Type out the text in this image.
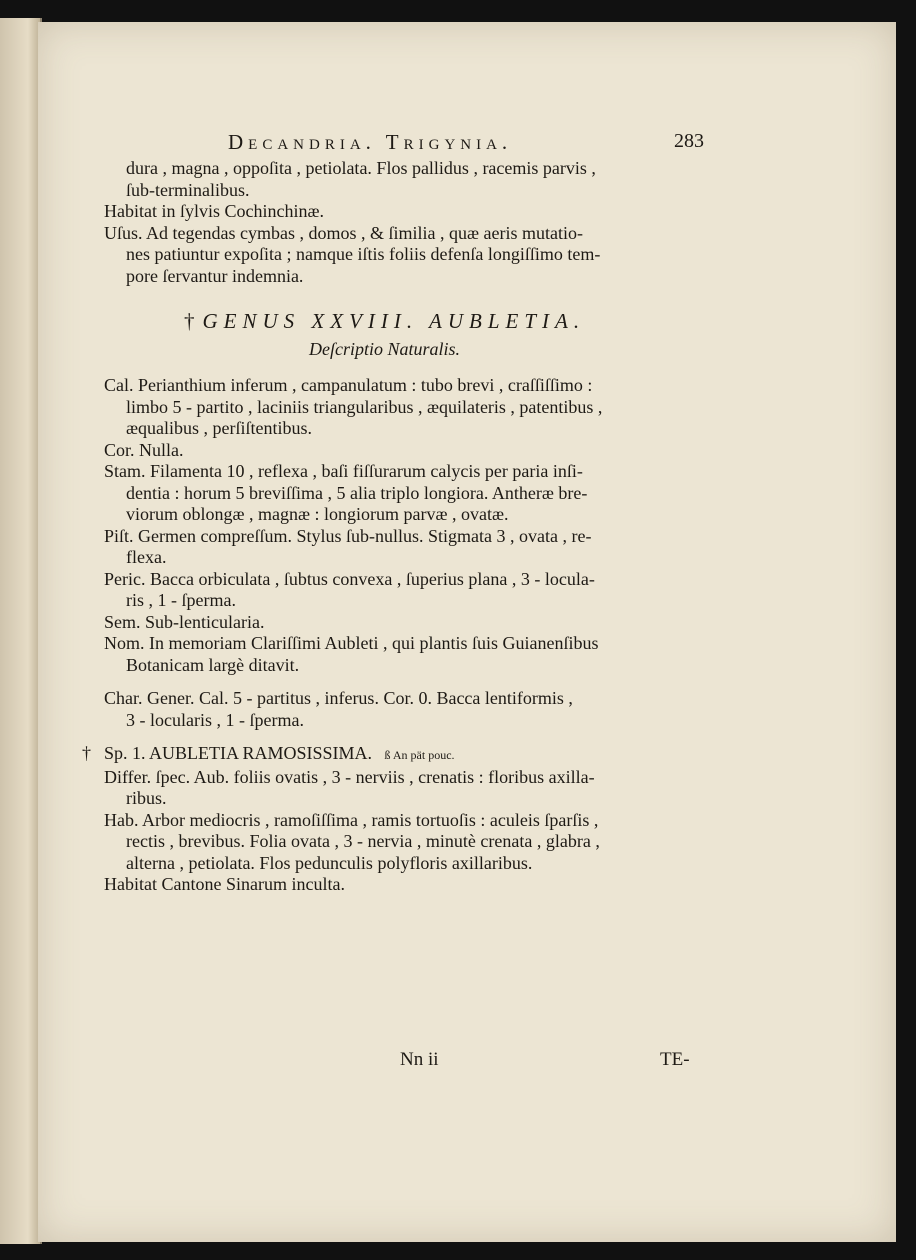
Decandria. Trigynia.	283
dura , magna , oppoſita , petiolata. Flos pallidus , racemis parvis ,
ſub-terminalibus.
Habitat in ſylvis Cochinchinæ.
Uſus. Ad tegendas cymbas , domos , & ſimilia , quæ aeris mutatio-
nes patiuntur expoſita ; namque iſtis foliis defenſa longiſſimo tem-
pore ſervantur indemnia.
† GENUS XXVIII. AUBLETIA.
Deſcriptio Naturalis.
Cal. Perianthium inferum , campanulatum : tubo brevi , craſſiſſimo :
limbo 5 - partito , laciniis triangularibus , æquilateris , patentibus ,
æqualibus , perſiſtentibus.
Cor. Nulla.
Stam. Filamenta 10 , reflexa , baſi fiſſurarum calycis per paria inſi-
dentia : horum 5 breviſſima , 5 alia triplo longiora. Antheræ bre-
viorum oblongæ , magnæ : longiorum parvæ , ovatæ.
Piſt. Germen compreſſum. Stylus ſub-nullus. Stigmata 3 , ovata , re-
flexa.
Peric. Bacca orbiculata , ſubtus convexa , ſuperius plana , 3 - locula-
ris , 1 - ſperma.
Sem. Sub-lenticularia.
Nom. In memoriam Clariſſimi Aubleti , qui plantis ſuis Guianenſibus
Botanicam largè ditavit.
Char. Gener. Cal. 5 - partitus , inferus. Cor. 0. Bacca lentiformis ,
3 - locularis , 1 - ſperma.
† Sp. 1. AUBLETIA RAMOSISSIMA. ß An pät pouc.
Differ. ſpec. Aub. foliis ovatis , 3 - nerviis , crenatis : floribus axilla-
ribus.
Hab. Arbor mediocris , ramoſiſſima , ramis tortuoſis : aculeis ſparſis ,
rectis , brevibus. Folia ovata , 3 - nervia , minutè crenata , glabra ,
alterna , petiolata. Flos pedunculis polyfloris axillaribus.
Habitat Cantone Sinarum inculta.
Nn ii	TE-
